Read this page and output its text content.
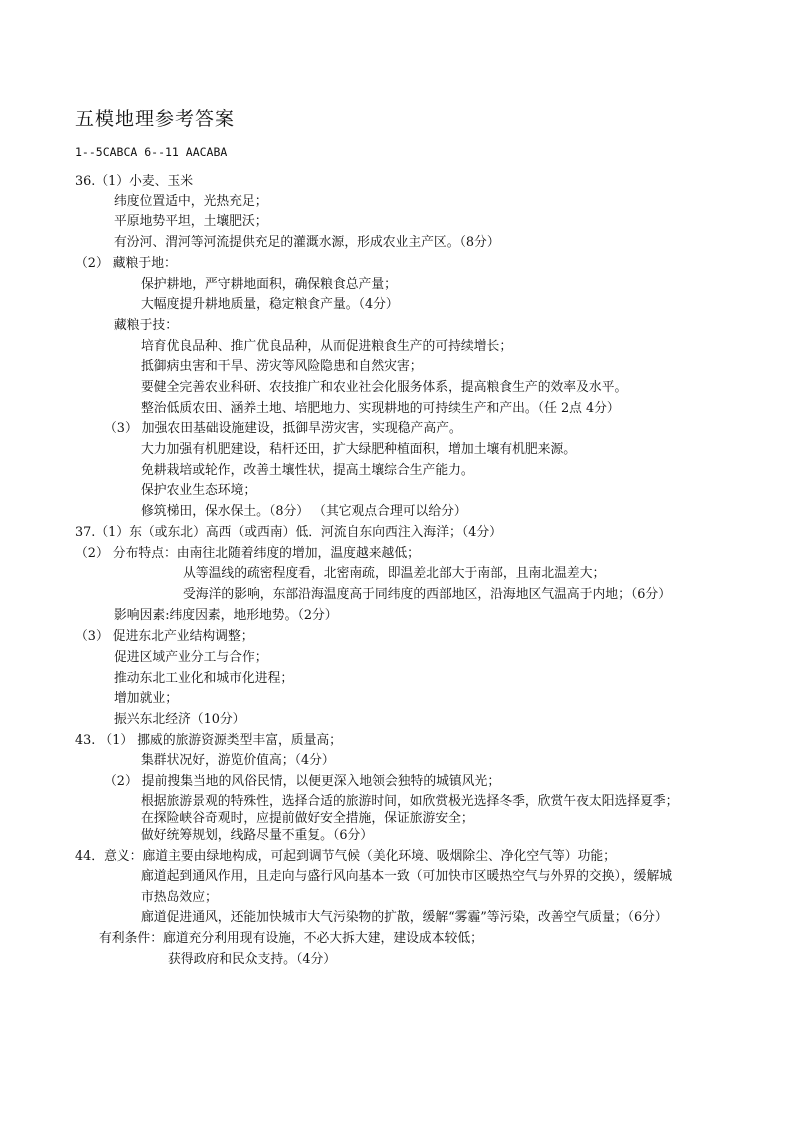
五模地理参考答案
1--5CABCA 6--11 AACABA
36.（1）小麦、玉米
纬度位置适中，光热充足；
平原地势平坦，土壤肥沃；
有汾河、渭河等河流提供充足的灌溉水源，形成农业主产区。（8分）
（2） 藏粮于地：
保护耕地，严守耕地面积，确保粮食总产量；
大幅度提升耕地质量，稳定粮食产量。（4分）
藏粮于技：
培育优良品种、推广优良品种，从而促进粮食生产的可持续增长；
抵御病虫害和干旱、涝灾等风险隐患和自然灾害；
要健全完善农业科研、农技推广和农业社会化服务体系，提高粮食生产的效率及水平。
整治低质农田、涵养土地、培肥地力、实现耕地的可持续生产和产出。（任 2点 4分）
（3） 加强农田基础设施建设，抵御旱涝灾害，实现稳产高产。
大力加强有机肥建设，秸杆还田，扩大绿肥种植面积，增加土壤有机肥来源。
免耕栽培或轮作，改善土壤性状，提高土壤综合生产能力。
保护农业生态环境；
修筑梯田，保水保土。（8分） （其它观点合理可以给分）
37.（1）东（或东北）高西（或西南）低．河流自东向西注入海洋；（4分）
（2） 分布特点：由南往北随着纬度的增加，温度越来越低；
从等温线的疏密程度看，北密南疏，即温差北部大于南部，且南北温差大；
受海洋的影响，东部沿海温度高于同纬度的西部地区，沿海地区气温高于内地；（6分）
影响因素:纬度因素，地形地势。（2分）
（3） 促进东北产业结构调整；
促进区域产业分工与合作；
推动东北工业化和城市化进程；
增加就业；
振兴东北经济（10分）
43. （1） 挪威的旅游资源类型丰富，质量高；
集群状况好，游览价值高；（4分）
（2） 提前搜集当地的风俗民情，以便更深入地领会独特的城镇风光；
根据旅游景观的特殊性，选择合适的旅游时间，如欣赏极光选择冬季，欣赏午夜太阳选择夏季；
在探险峡谷奇观时，应提前做好安全措施，保证旅游安全；
做好统筹规划，线路尽量不重复。（6分）
44．意义：廊道主要由绿地构成，可起到调节气候（美化环境、吸烟除尘、净化空气等）功能；
廊道起到通风作用，且走向与盛行风向基本一致（可加快市区暖热空气与外界的交换），缓解城
市热岛效应；
廊道促进通风，还能加快城市大气污染物的扩散，缓解“雾霾”等污染，改善空气质量；（6分）
有利条件：廊道充分利用现有设施，不必大拆大建，建设成本较低；
获得政府和民众支持。（4分）
